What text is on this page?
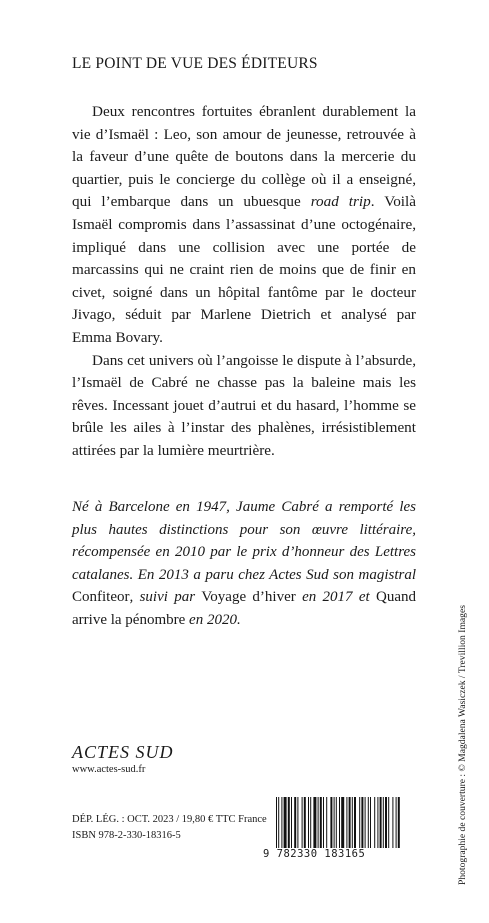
LE POINT DE VUE DES ÉDITEURS

Deux rencontres fortuites ébranlent durablement la vie d’Ismaël : Leo, son amour de jeunesse, retrouvée à la faveur d’une quête de boutons dans la mercerie du quartier, puis le concierge du collège où il a enseigné, qui l’embarque dans un ubuesque road trip. Voilà Ismaël compromis dans l’assassinat d’une octogénaire, impliqué dans une collision avec une portée de marcassins qui ne craint rien de moins que de finir en civet, soigné dans un hôpital fantôme par le docteur Jivago, séduit par Marlene Dietrich et analysé par Emma Bovary.

Dans cet univers où l’angoisse le dispute à l’absurde, l’Ismaël de Cabré ne chasse pas la baleine mais les rêves. Incessant jouet d’autrui et du hasard, l’homme se brûle les ailes à l’instar des phalènes, irrésistiblement attirées par la lumière meurtrière.

Né à Barcelone en 1947, Jaume Cabré a remporté les plus hautes distinctions pour son œuvre littéraire, récompensée en 2010 par le prix d’honneur des Lettres catalanes. En 2013 a paru chez Actes Sud son magistral Confiteor, suivi par Voyage d’hiver en 2017 et Quand arrive la pénombre en 2020.
ACTES SUD
www.actes-sud.fr
DÉP. LÉG. : OCT. 2023 / 19,80 € TTC France
ISBN 978-2-330-18316-5
9 782330 183165	Photographie de couverture : © Magdalena Wasiczek / Trevillion Images
